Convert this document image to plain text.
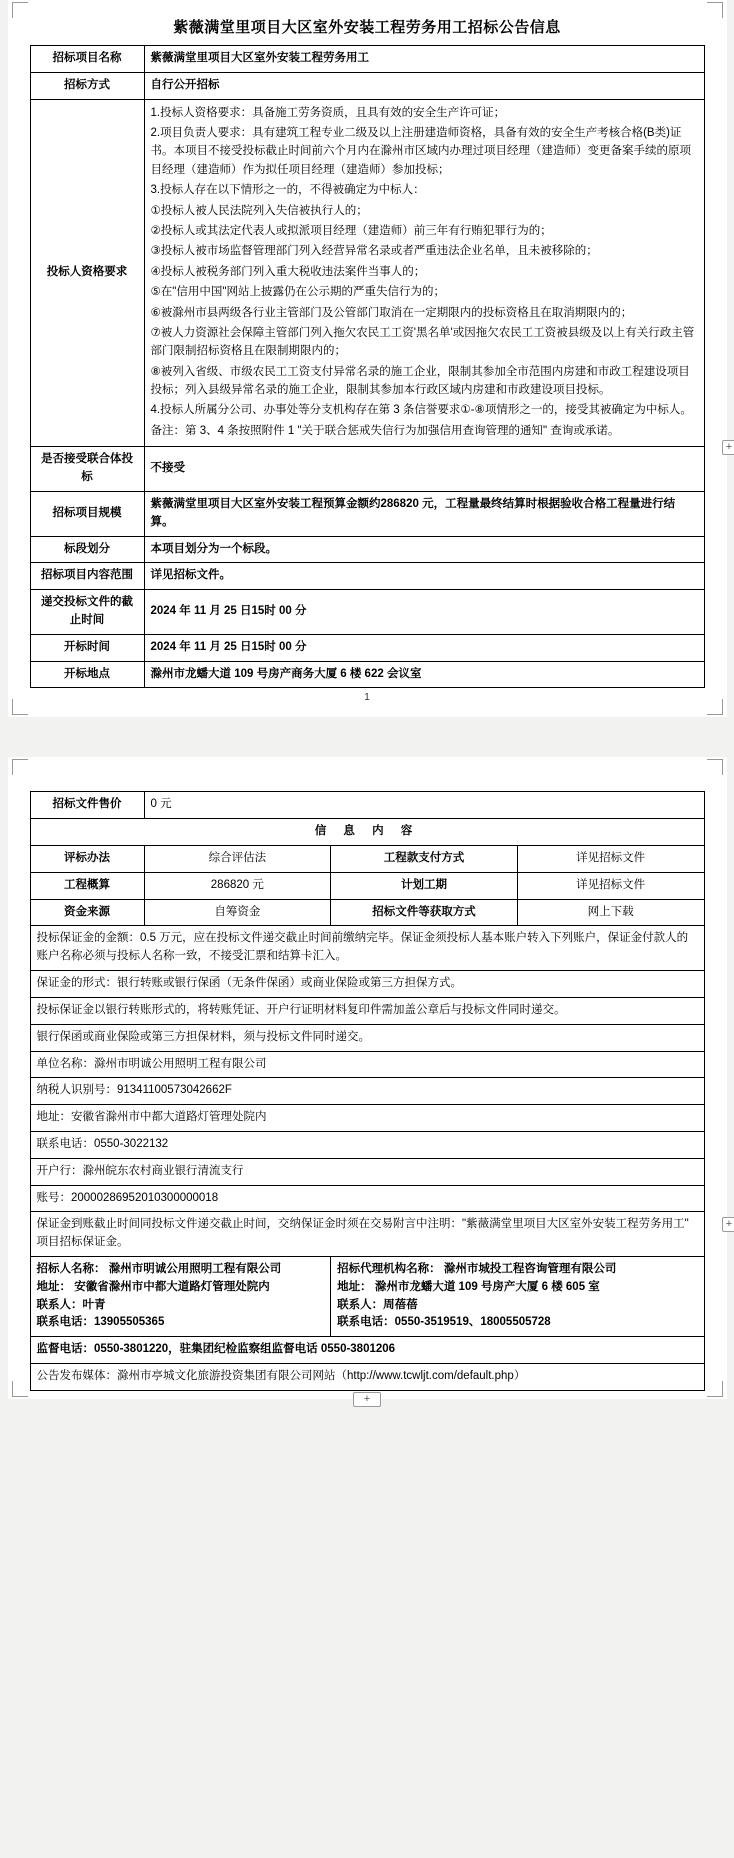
紫薇满堂里项目大区室外安装工程劳务用工招标公告信息
招标项目名称	紫薇满堂里项目大区室外安装工程劳务用工
招标方式	自行公开招标
投标人资格要求	

1.投标人资格要求：具备施工劳务资质，且具有效的安全生产许可证；

2.项目负责人要求：具有建筑工程专业二级及以上注册建造师资格，具备有效的安全生产考核合格(B类)证书。本项目不接受投标截止时间前六个月内在滁州市区域内办理过项目经理（建造师）变更备案手续的原项目经理（建造师）作为拟任项目经理（建造师）参加投标；

3.投标人存在以下情形之一的，不得被确定为中标人：

①投标人被人民法院列入失信被执行人的；

②投标人或其法定代表人或拟派项目经理（建造师）前三年有行贿犯罪行为的；

③投标人被市场监督管理部门列入经营异常名录或者严重违法企业名单，且未被移除的；

④投标人被税务部门列入重大税收违法案件当事人的；

⑤在"信用中国"网站上披露仍在公示期的严重失信行为的；

⑥被滁州市县两级各行业主管部门及公管部门取消在一定期限内的投标资格且在取消期限内的；

⑦被人力资源社会保障主管部门列入拖欠农民工工资'黑名单'或因拖欠农民工工资被县级及以上有关行政主管部门限制招标资格且在限制期限内的；

⑧被列入省级、市级农民工工资支付异常名录的施工企业，限制其参加全市范围内房建和市政工程建设项目投标；列入县级异常名录的施工企业，限制其参加本行政区域内房建和市政建设项目投标。

4.投标人所属分公司、办事处等分支机构存在第 3 条信誉要求①-⑧项情形之一的，接受其被确定为中标人。

备注：第 3、4 条按照附件 1 "关于联合惩戒失信行为加强信用查询管理的通知" 查询或承诺。

是否接受联合体投标	不接受
招标项目规模	紫薇满堂里项目大区室外安装工程预算金额约286820 元，工程量最终结算时根据验收合格工程量进行结算。
标段划分	本项目划分为一个标段。
招标项目内容范围	详见招标文件。
递交投标文件的截止时间	2024 年 11 月 25 日15时 00 分
开标时间	2024 年 11 月 25 日15时 00 分
开标地点	滁州市龙蟠大道 109 号房产商务大厦 6 楼 622 会议室
1
+
招标文件售价	0 元		
信 息 内 容			
评标办法	综合评估法	工程款支付方式	详见招标文件
工程概算	286820 元	计划工期	详见招标文件
资金来源	自筹资金	招标文件等获取方式	网上下载
投标保证金的金额：0.5 万元，应在投标文件递交截止时间前缴纳完毕。保证金须投标人基本账户转入下列账户，保证金付款人的账户名称必须与投标人名称一致，不接受汇票和结算卡汇入。			
保证金的形式：银行转账或银行保函（无条件保函）或商业保险或第三方担保方式。			
投标保证金以银行转账形式的，将转账凭证、开户行证明材料复印件需加盖公章后与投标文件同时递交。			
银行保函或商业保险或第三方担保材料，须与投标文件同时递交。			
单位名称：滁州市明诚公用照明工程有限公司			
纳税人识别号：91341100573042662F			
地址：安徽省滁州市中都大道路灯管理处院内			
联系电话：0550-3022132			
开户行：滁州皖东农村商业银行清流支行			
账号：20000286952010300000018			
保证金到账截止时间同投标文件递交截止时间，交纳保证金时须在交易附言中注明："紫薇满堂里项目大区室外安装工程劳务用工" 项目招标保证金。			

招标人名称： 滁州市明诚公用照明工程有限公司
地址： 安徽省滁州市中都大道路灯管理处院内
联系人：叶青
联系电话：13905505365

招标代理机构名称： 滁州市城投工程咨询管理有限公司
地址： 滁州市龙蟠大道 109 号房产大厦 6 楼 605 室
联系人：周蓓蓓
联系电话：0550-3519519、18005505728

监督电话：0550-3801220，驻集团纪检监察组监督电话 0550-3801206			
公告发布媒体：滁州市亭城文化旅游投资集团有限公司网站（http://www.tcwljt.com/default.php）			
+
+
